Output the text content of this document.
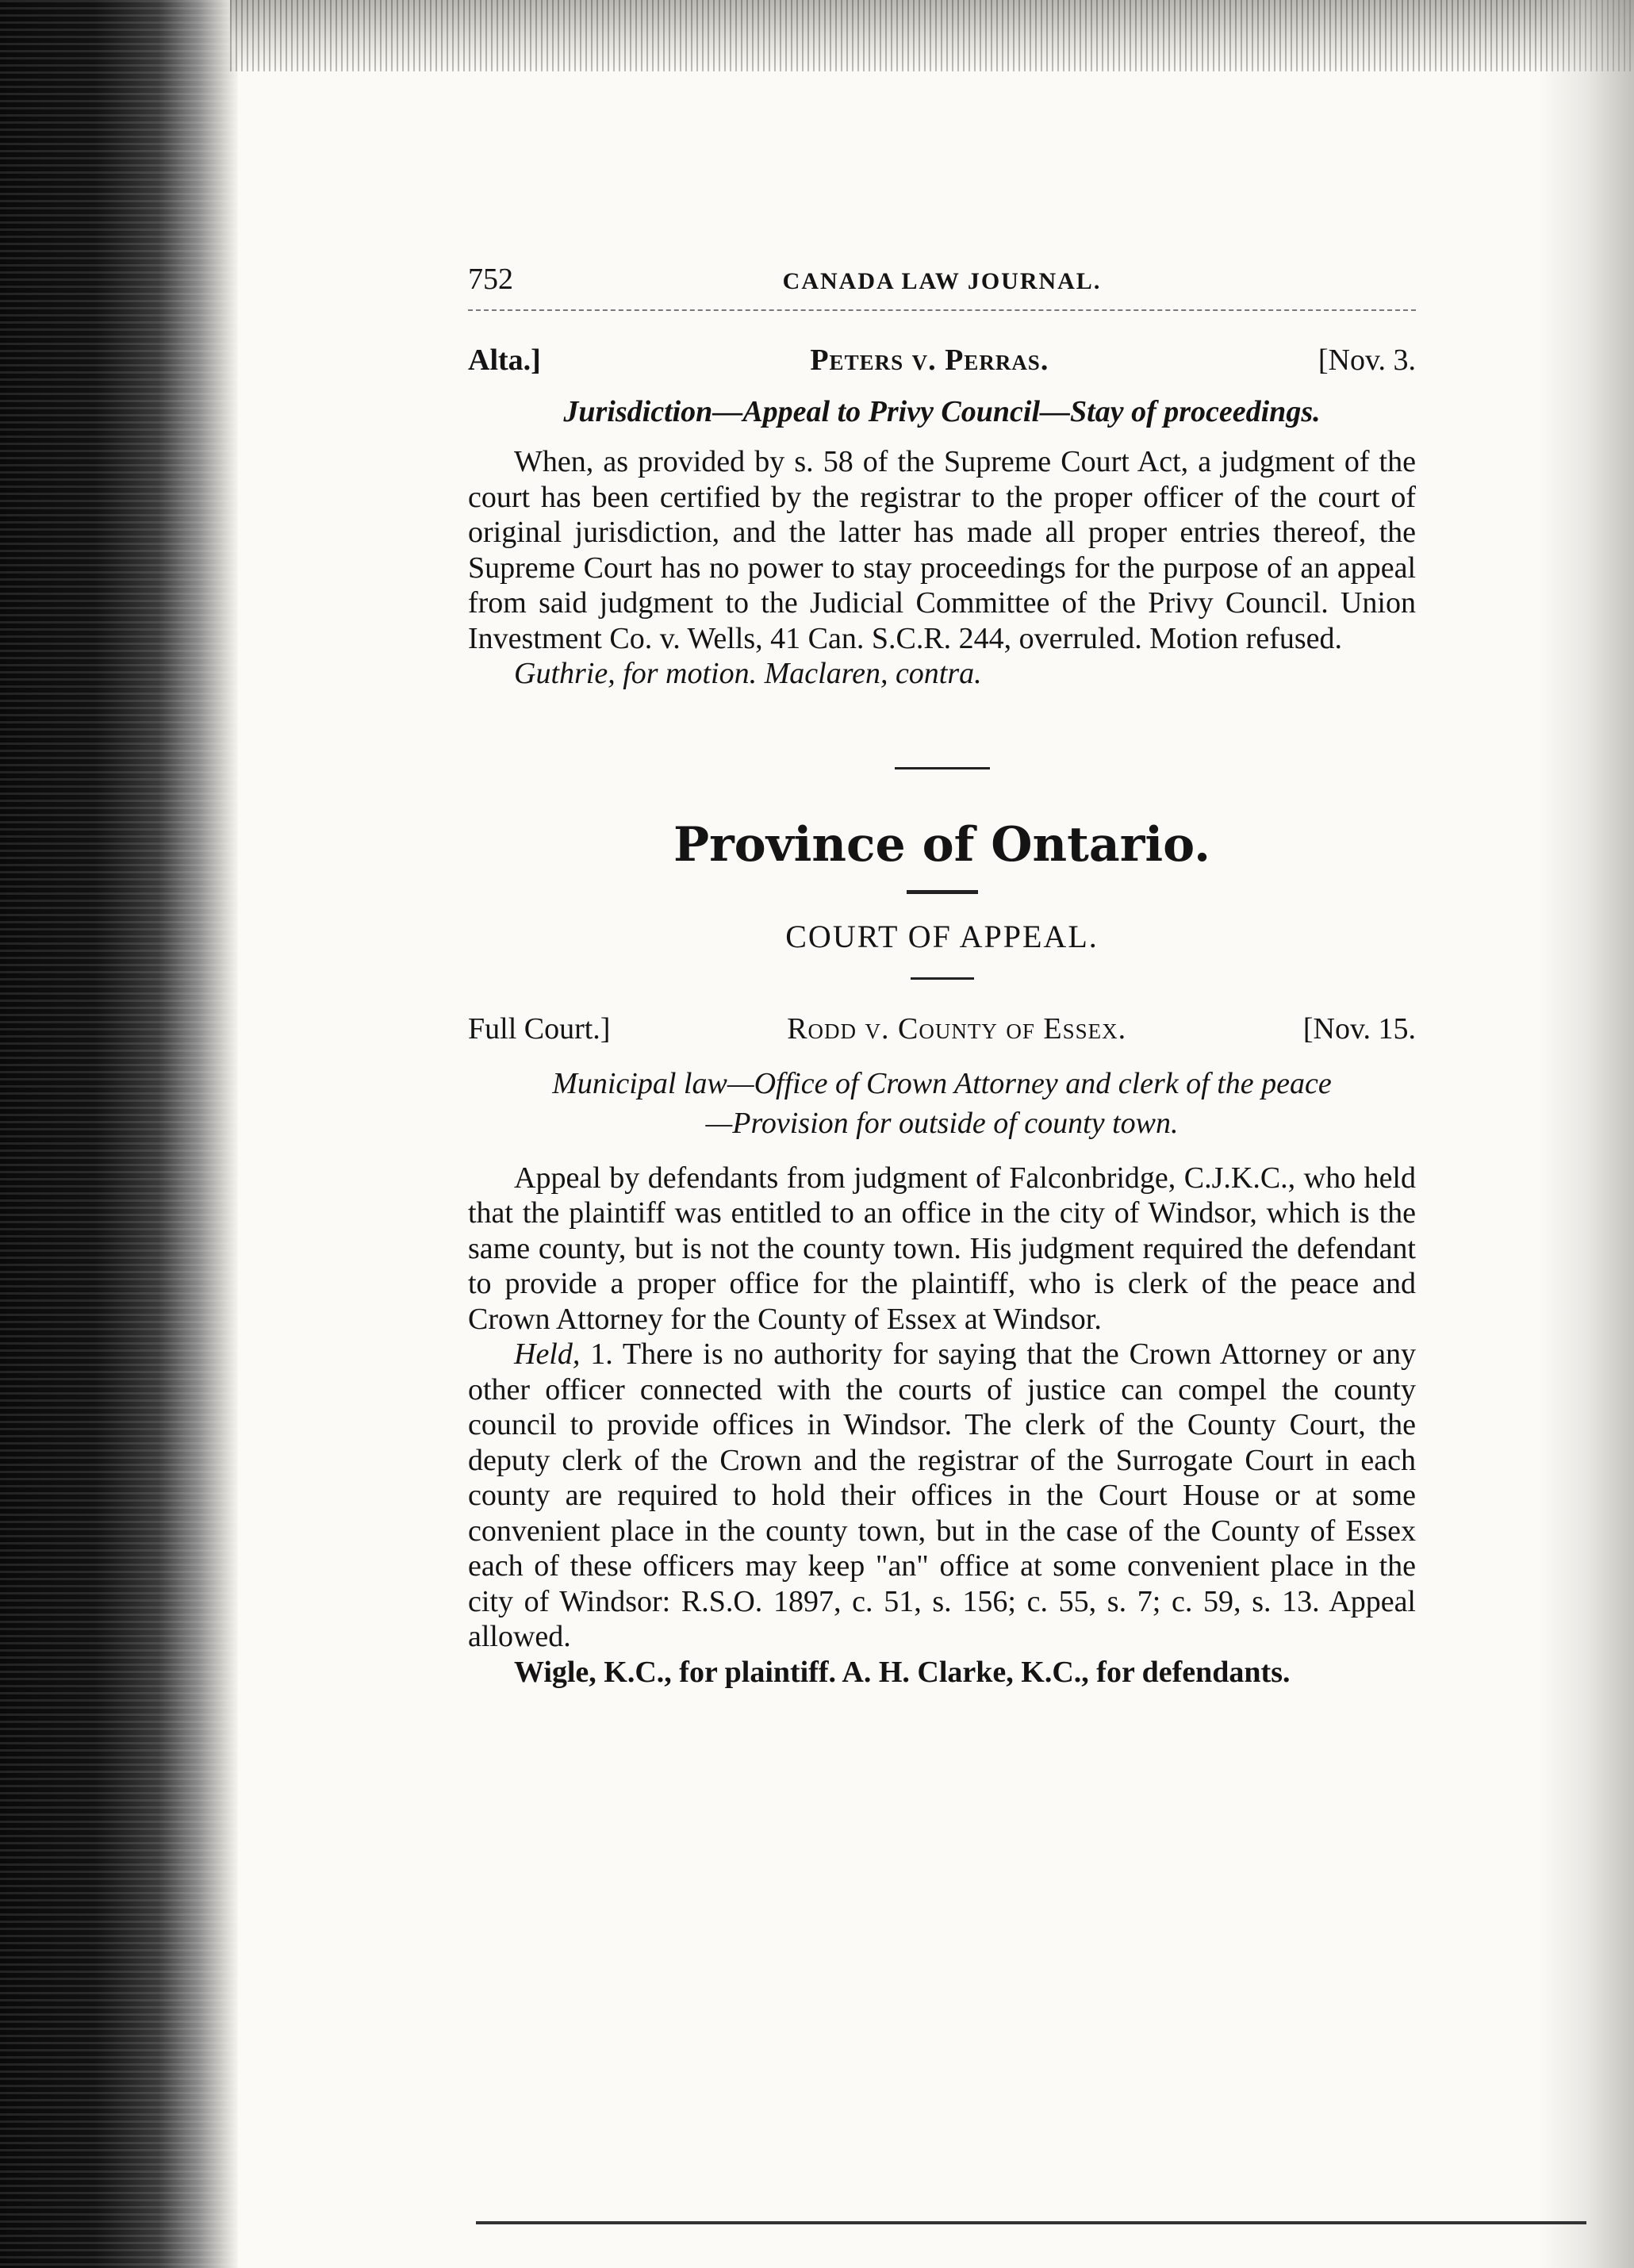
752	CANADA LAW JOURNAL.
Alta.]	Peters v. Perras.	[Nov. 3.
Jurisdiction—Appeal to Privy Council—Stay of proceedings.

When, as provided by s. 58 of the Supreme Court Act, a judgment of the court has been certified by the registrar to the proper officer of the court of original jurisdiction, and the latter has made all proper entries thereof, the Supreme Court has no power to stay proceedings for the purpose of an appeal from said judgment to the Judicial Committee of the Privy Council. Union Investment Co. v. Wells, 41 Can. S.C.R. 244, overruled. Motion refused.

Guthrie, for motion. Maclaren, contra.

Province of Ontario.
COURT OF APPEAL.
Full Court.]	Rodd v. County of Essex.	[Nov. 15.
Municipal law—Office of Crown Attorney and clerk of the peace
—Provision for outside of county town.

Appeal by defendants from judgment of Falconbridge, C.J.K.C., who held that the plaintiff was entitled to an office in the city of Windsor, which is the same county, but is not the county town. His judgment required the defendant to provide a proper office for the plaintiff, who is clerk of the peace and Crown Attorney for the County of Essex at Windsor.

Held, 1. There is no authority for saying that the Crown Attorney or any other officer connected with the courts of justice can compel the county council to provide offices in Windsor. The clerk of the County Court, the deputy clerk of the Crown and the registrar of the Surrogate Court in each county are required to hold their offices in the Court House or at some convenient place in the county town, but in the case of the County of Essex each of these officers may keep "an" office at some convenient place in the city of Windsor: R.S.O. 1897, c. 51, s. 156; c. 55, s. 7; c. 59, s. 13. Appeal allowed.

Wigle, K.C., for plaintiff. A. H. Clarke, K.C., for defendants.
